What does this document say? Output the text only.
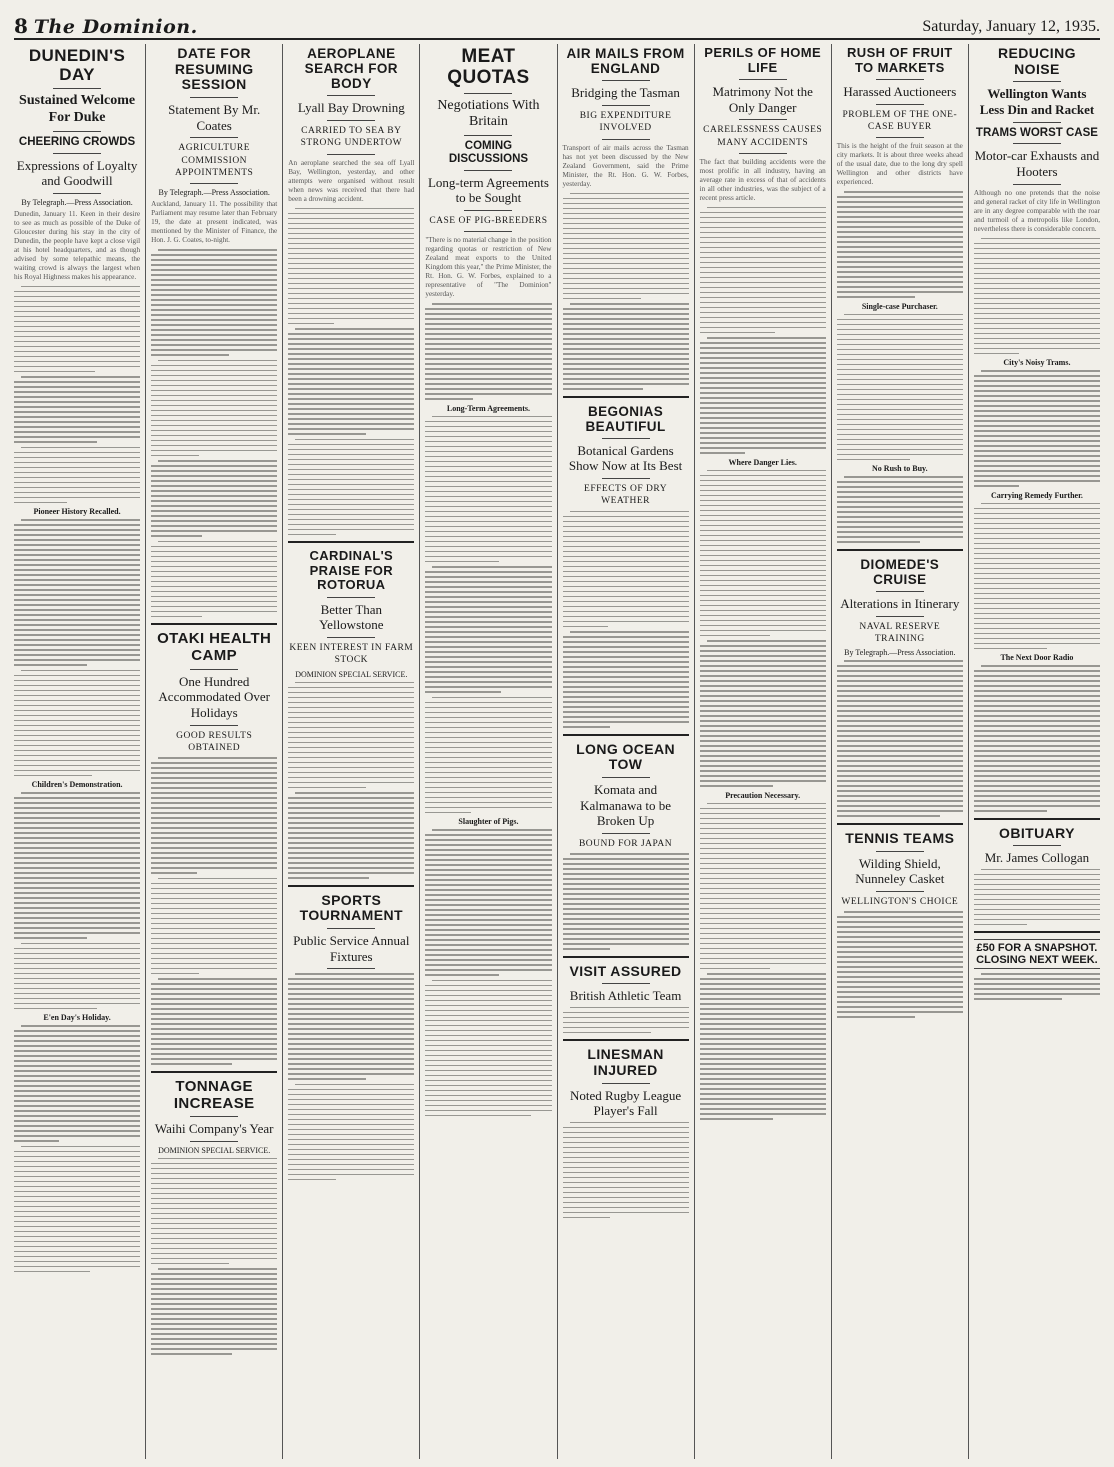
8 The Dominion.	Saturday, January 12, 1935.
DUNEDIN'S DAY
Sustained Welcome For Duke
CHEERING CROWDS
Expressions of Loyalty and Goodwill
By Telegraph.—Press Association.
Dunedin, January 11. Keen in their desire to see as much as possible of the Duke of Gloucester during his stay in the city of Dunedin, the people have kept a close vigil at his hotel headquarters, and as though advised by some telepathic means, the waiting crowd is always the largest when his Royal Highness makes his appearance.
Pioneer History Recalled.
Children's Demonstration.
E'en Day's Holiday.
DATE FOR RESUMING SESSION
Statement By Mr. Coates
AGRICULTURE COMMISSION APPOINTMENTS
By Telegraph.—Press Association.
Auckland, January 11. The possibility that Parliament may resume later than February 19, the date at present indicated, was mentioned by the Minister of Finance, the Hon. J. G. Coates, to-night.
OTAKI HEALTH CAMP
One Hundred Accommodated Over Holidays
GOOD RESULTS OBTAINED
TONNAGE INCREASE
Waihi Company's Year
DOMINION SPECIAL SERVICE.
AEROPLANE SEARCH FOR BODY
Lyall Bay Drowning
CARRIED TO SEA BY STRONG UNDERTOW
An aeroplane searched the sea off Lyall Bay, Wellington, yesterday, and other attempts were organised without result when news was received that there had been a drowning accident.
CARDINAL'S PRAISE FOR ROTORUA
Better Than Yellowstone
KEEN INTEREST IN FARM STOCK
DOMINION SPECIAL SERVICE.
SPORTS TOURNAMENT
Public Service Annual Fixtures
MEAT QUOTAS
Negotiations With Britain
COMING DISCUSSIONS
Long-term Agreements to be Sought
CASE OF PIG-BREEDERS
"There is no material change in the position regarding quotas or restriction of New Zealand meat exports to the United Kingdom this year," the Prime Minister, the Rt. Hon. G. W. Forbes, explained to a representative of "The Dominion" yesterday.
Long-Term Agreements.
Slaughter of Pigs.
AIR MAILS FROM ENGLAND
Bridging the Tasman
BIG EXPENDITURE INVOLVED
Transport of air mails across the Tasman has not yet been discussed by the New Zealand Government, said the Prime Minister, the Rt. Hon. G. W. Forbes, yesterday.
BEGONIAS BEAUTIFUL
Botanical Gardens Show Now at Its Best
EFFECTS OF DRY WEATHER
LONG OCEAN TOW
Komata and Kalmanawa to be Broken Up
BOUND FOR JAPAN
VISIT ASSURED
British Athletic Team
LINESMAN INJURED
Noted Rugby League Player's Fall
PERILS OF HOME LIFE
Matrimony Not the Only Danger
CARELESSNESS CAUSES MANY ACCIDENTS
The fact that building accidents were the most prolific in all industry, having an average rate in excess of that of accidents in all other industries, was the subject of a recent press article.
Where Danger Lies.
Precaution Necessary.
RUSH OF FRUIT TO MARKETS
Harassed Auctioneers
PROBLEM OF THE ONE-CASE BUYER
This is the height of the fruit season at the city markets. It is about three weeks ahead of the usual date, due to the long dry spell Wellington and other districts have experienced.
Single-case Purchaser.
No Rush to Buy.
DIOMEDE'S CRUISE
Alterations in Itinerary
NAVAL RESERVE TRAINING
By Telegraph.—Press Association.
TENNIS TEAMS
Wilding Shield, Nunneley Casket
WELLINGTON'S CHOICE
REDUCING NOISE
Wellington Wants Less Din and Racket
TRAMS WORST CASE
Motor-car Exhausts and Hooters
Although no one pretends that the noise and general racket of city life in Wellington are in any degree comparable with the roar and turmoil of a metropolis like London, nevertheless there is considerable concern.
City's Noisy Trams.
Carrying Remedy Further.
The Next Door Radio
OBITUARY
Mr. James Collogan
£50 FOR A SNAPSHOT. CLOSING NEXT WEEK.
